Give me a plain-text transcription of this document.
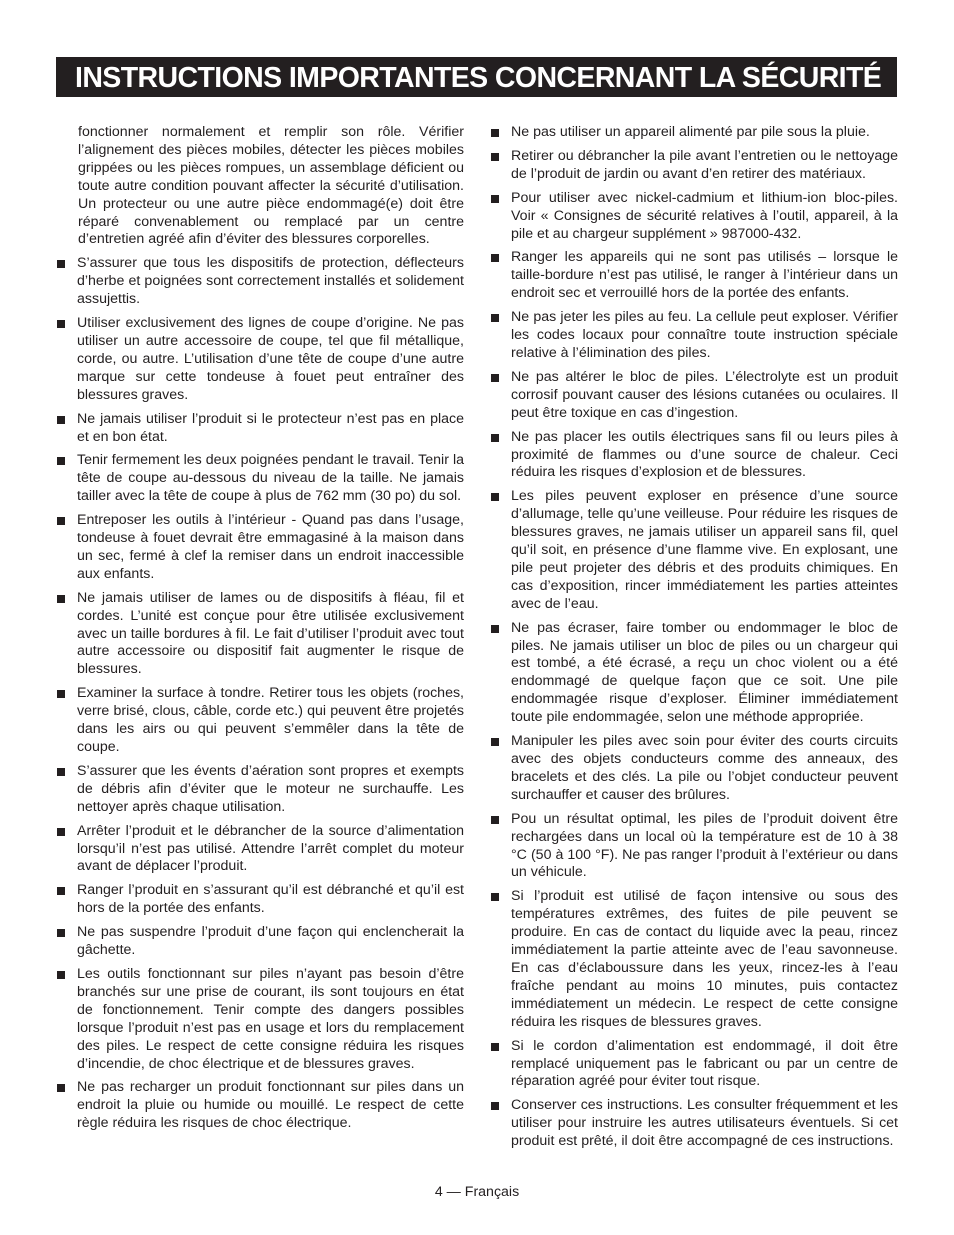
INSTRUCTIONS IMPORTANTES CONCERNANT LA SÉCURITÉ

fonctionner normalement et remplir son rôle. Vérifier l’alignement des pièces mobiles, détecter les pièces mobiles grippées ou les pièces rompues, un assemblage déficient ou toute autre condition pouvant affecter la sécurité d’utilisation. Un protecteur ou une autre pièce endommagé(e) doit être réparé convenablement ou remplacé par un centre d’entretien agréé afin d’éviter des blessures corporelles.

S’assurer que tous les dispositifs de protection, déflecteurs d’herbe et poignées sont correctement installés et solidement assujettis.
Utiliser exclusivement des lignes de coupe d’origine. Ne pas utiliser un autre accessoire de coupe, tel que fil métallique, corde, ou autre. L’utilisation d’une tête de coupe d’une autre marque sur cette tondeuse à fouet peut entraîner des blessures graves.
Ne jamais utiliser l’produit si le protecteur n’est pas en place et en bon état.
Tenir fermement les deux poignées pendant le travail. Tenir la tête de coupe au-dessous du niveau de la taille. Ne jamais tailler avec la tête de coupe à plus de 762 mm (30 po) du sol.
Entreposer les outils à l’intérieur - Quand pas dans l’usage, tondeuse à fouet devrait être emmagasiné à la maison dans un sec, fermé à clef la remiser dans un endroit inaccessible aux enfants.
Ne jamais utiliser de lames ou de dispositifs à fléau, fil et cordes. L’unité est conçue pour être utilisée exclusivement avec un taille bordures à fil. Le fait d’utiliser l’produit avec tout autre accessoire ou dispositif fait augmenter le risque de blessures.
Examiner la surface à tondre. Retirer tous les objets (roches, verre brisé, clous, câble, corde etc.) qui peuvent être projetés dans les airs ou qui peuvent s’emmêler dans la tête de coupe.
S’assurer que les évents d’aération sont propres et exempts de débris afin d’éviter que le moteur ne surchauffe. Les nettoyer après chaque utilisation.
Arrêter l’produit et le débrancher de la source d’alimentation lorsqu’il n’est pas utilisé. Attendre l’arrêt complet du moteur avant de déplacer l’produit.
Ranger l’produit en s’assurant qu’il est débranché et qu’il est hors de la portée des enfants.
Ne pas suspendre l’produit d’une façon qui enclencherait la gâchette.
Les outils fonctionnant sur piles n’ayant pas besoin d’être branchés sur une prise de courant, ils sont toujours en état de fonctionnement. Tenir compte des dangers possibles lorsque l’produit n’est pas en usage et lors du remplacement des piles. Le respect de cette consigne réduira les risques d’incendie, de choc électrique et de blessures graves.
Ne pas recharger un produit fonctionnant sur piles dans un endroit la pluie ou humide ou mouillé. Le respect de cette règle réduira les risques de choc électrique.
Ne pas utiliser un appareil alimenté par pile sous la pluie.
Retirer ou débrancher la pile avant l’entretien ou le nettoyage de l’produit de jardin ou avant d’en retirer des matériaux.
Pour utiliser avec nickel-cadmium et lithium-ion bloc-piles. Voir « Consignes de sécurité relatives à l’outil, appareil, à la pile et au chargeur supplément » 987000-432.
Ranger les appareils qui ne sont pas utilisés – lorsque le taille-bordure n’est pas utilisé, le ranger à l’intérieur dans un endroit sec et verrouillé hors de la portée des enfants.
Ne pas jeter les piles au feu. La cellule peut exploser. Vérifier les codes locaux pour connaître toute instruction spéciale relative à l’élimination des piles.
Ne pas altérer le bloc de piles. L’électrolyte est un produit corrosif pouvant causer des lésions cutanées ou oculaires. Il peut être toxique en cas d’ingestion.
Ne pas placer les outils électriques sans fil ou leurs piles à proximité de flammes ou d’une source de chaleur. Ceci réduira les risques d’explosion et de blessures.
Les piles peuvent exploser en présence d’une source d’allumage, telle qu’une veilleuse. Pour réduire les risques de blessures graves, ne jamais utiliser un appareil sans fil, quel qu’il soit, en présence d’une flamme vive. En explosant, une pile peut projeter des débris et des produits chimiques. En cas d’exposition, rincer immédiatement les parties atteintes avec de l’eau.
Ne pas écraser, faire tomber ou endommager le bloc de piles. Ne jamais utiliser un bloc de piles ou un chargeur qui est tombé, a été écrasé, a reçu un choc violent ou a été endommagé de quelque façon que ce soit. Une pile endommagée risque d’exploser. Éliminer immédiatement toute pile endommagée, selon une méthode appropriée.
Manipuler les piles avec soin pour éviter des courts circuits avec des objets conducteurs comme des anneaux, des bracelets et des clés. La pile ou l’objet conducteur peuvent surchauffer et causer des brûlures.
Pou un résultat optimal, les piles de l’produit doivent être rechargées dans un local où la température est de 10 à 38 °C (50 à 100 °F). Ne pas ranger l’produit à l’extérieur ou dans un véhicule.
Si l’produit est utilisé de façon intensive ou sous des températures extrêmes, des fuites de pile peuvent se produire. En cas de contact du liquide avec la peau, rincez immédiatement la partie atteinte avec de l’eau savonneuse. En cas d’éclaboussure dans les yeux, rincez-les à l’eau fraîche pendant au moins 10 minutes, puis contactez immédiatement un médecin. Le respect de cette consigne réduira les risques de blessures graves.
Si le cordon d’alimentation est endommagé, il doit être remplacé uniquement pas le fabricant ou par un centre de réparation agréé pour éviter tout risque.
Conserver ces instructions. Les consulter fréquemment et les utiliser pour instruire les autres utilisateurs éventuels. Si cet produit est prêté, il doit être accompagné de ces instructions.
4 — Français
